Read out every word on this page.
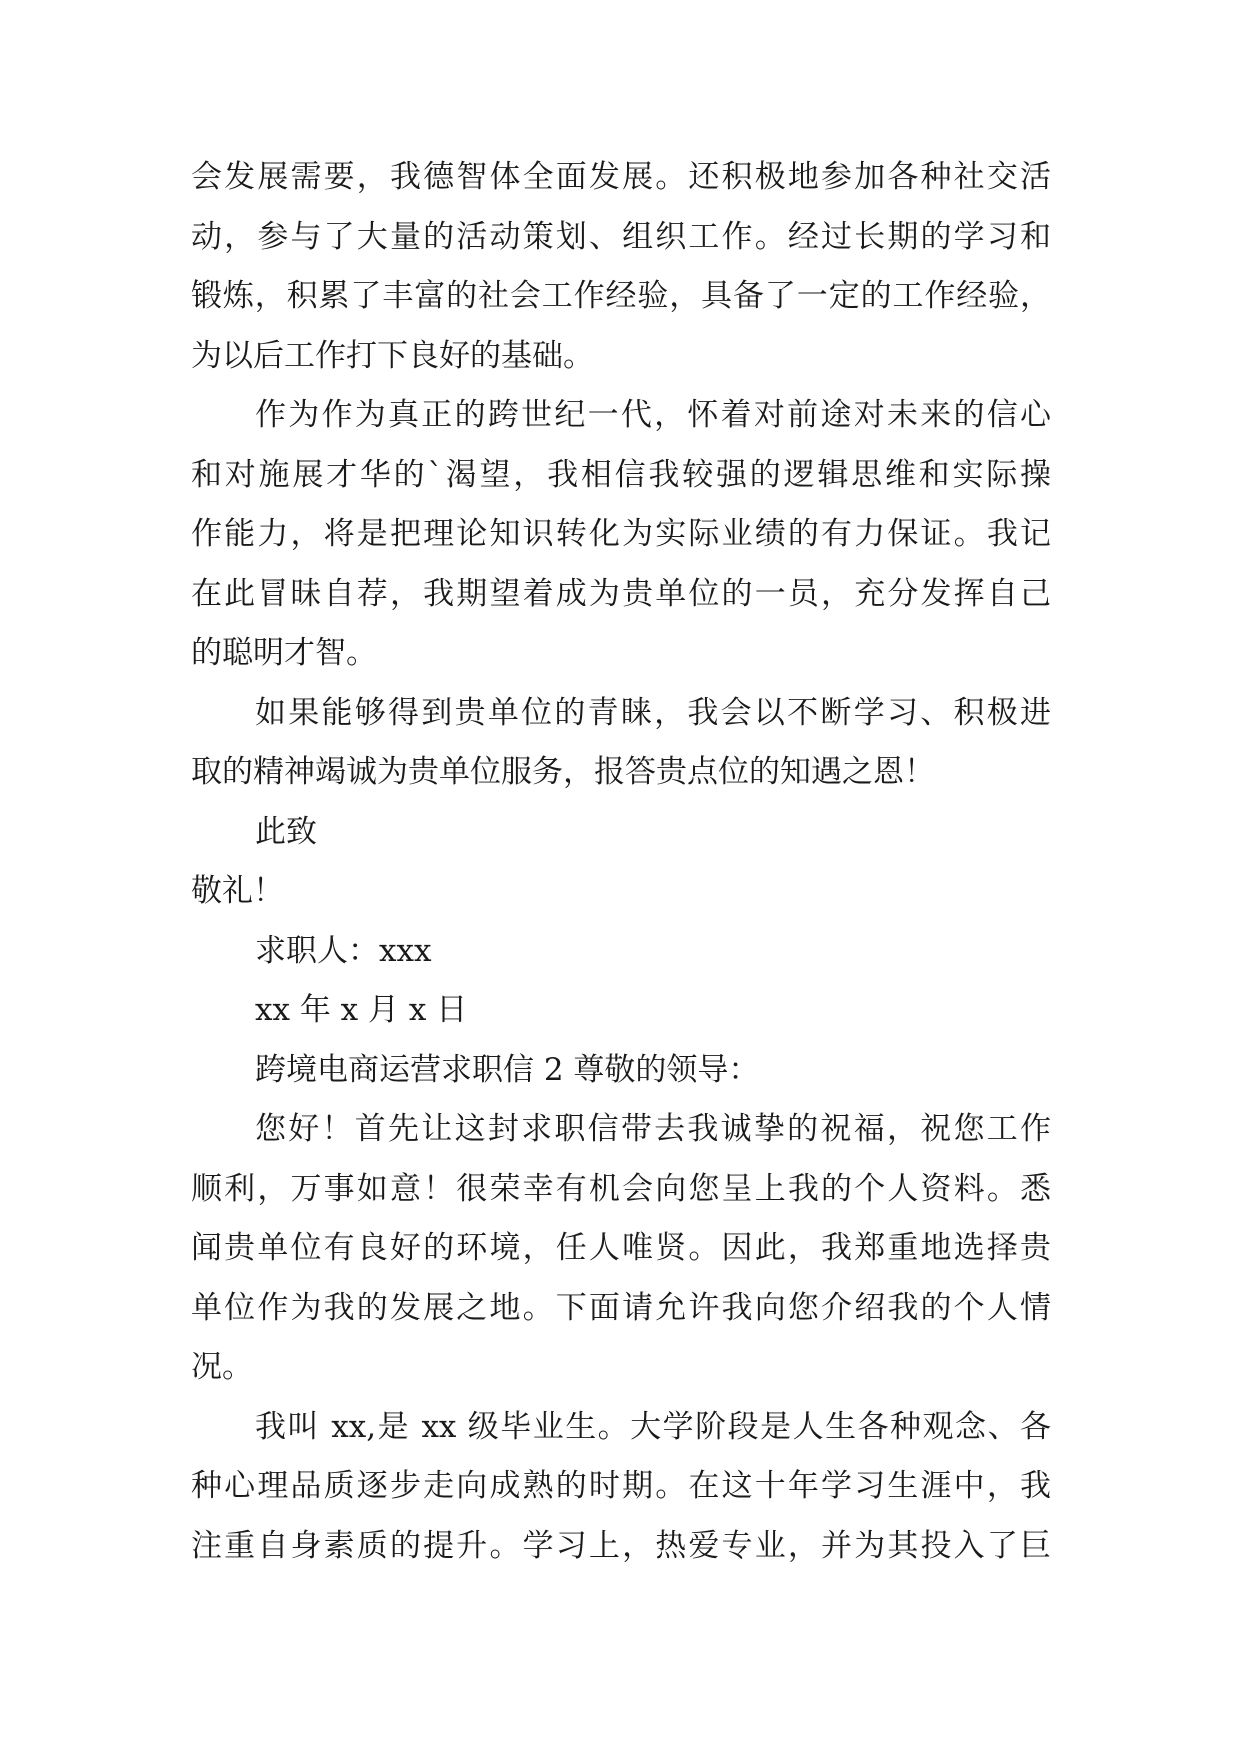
会发展需要，我德智体全面发展。还积极地参加各种社交活
动，参与了大量的活动策划、组织工作。经过长期的学习和
锻炼，积累了丰富的社会工作经验，具备了一定的工作经验，
为以后工作打下良好的基础。
作为作为真正的跨世纪一代，怀着对前途对未来的信心
和对施展才华的`渴望，我相信我较强的逻辑思维和实际操
作能力，将是把理论知识转化为实际业绩的有力保证。我记
在此冒昧自荐，我期望着成为贵单位的一员，充分发挥自己
的聪明才智。
如果能够得到贵单位的青睐，我会以不断学习、积极进
取的精神竭诚为贵单位服务，报答贵点位的知遇之恩！
此致
敬礼！
求职人：xxx
xx 年 x 月 x 日
跨境电商运营求职信 2 尊敬的领导：
您好！首先让这封求职信带去我诚挚的祝福，祝您工作
顺利，万事如意！很荣幸有机会向您呈上我的个人资料。悉
闻贵单位有良好的环境，任人唯贤。因此，我郑重地选择贵
单位作为我的发展之地。下面请允许我向您介绍我的个人情
况。
我叫 xx,是 xx 级毕业生。大学阶段是人生各种观念、各
种心理品质逐步走向成熟的时期。在这十年学习生涯中，我
注重自身素质的提升。学习上，热爱专业，并为其投入了巨
